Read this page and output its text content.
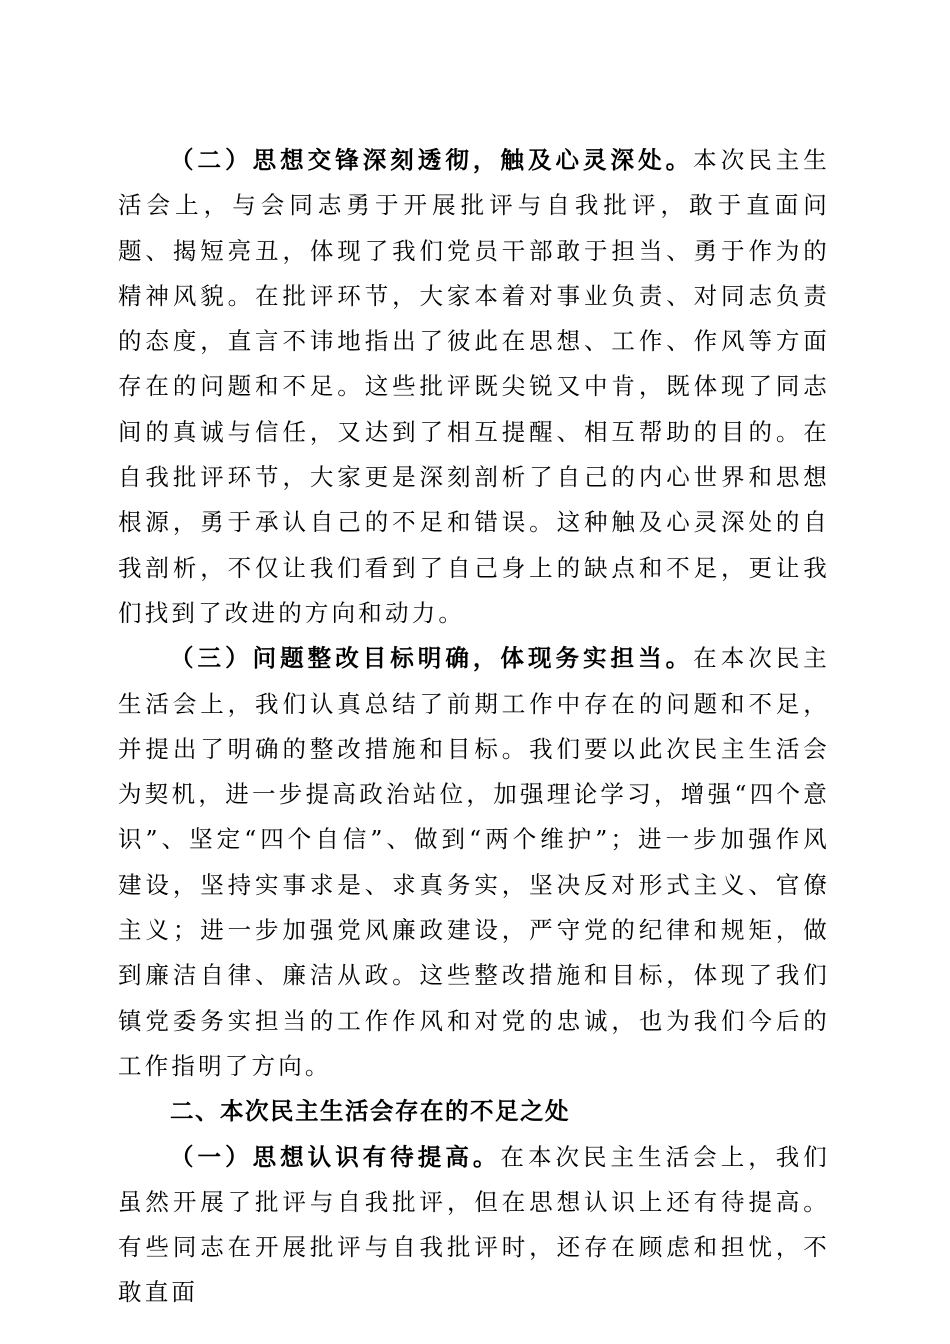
（二）思想交锋深刻透彻，触及心灵深处。本次民主生活会上，与会同志勇于开展批评与自我批评，敢于直面问题、揭短亮丑，体现了我们党员干部敢于担当、勇于作为的精神风貌。在批评环节，大家本着对事业负责、对同志负责的态度，直言不讳地指出了彼此在思想、工作、作风等方面存在的问题和不足。这些批评既尖锐又中肯，既体现了同志间的真诚与信任，又达到了相互提醒、相互帮助的目的。在自我批评环节，大家更是深刻剖析了自己的内心世界和思想根源，勇于承认自己的不足和错误。这种触及心灵深处的自我剖析，不仅让我们看到了自己身上的缺点和不足，更让我们找到了改进的方向和动力。

（三）问题整改目标明确，体现务实担当。在本次民主生活会上，我们认真总结了前期工作中存在的问题和不足，并提出了明确的整改措施和目标。我们要以此次民主生活会为契机，进一步提高政治站位，加强理论学习，增强“四个意识”、坚定“四个自信”、做到“两个维护”；进一步加强作风建设，坚持实事求是、求真务实，坚决反对形式主义、官僚主义；进一步加强党风廉政建设，严守党的纪律和规矩，做到廉洁自律、廉洁从政。这些整改措施和目标，体现了我们镇党委务实担当的工作作风和对党的忠诚，也为我们今后的工作指明了方向。

二、本次民主生活会存在的不足之处

（一）思想认识有待提高。在本次民主生活会上，我们虽然开展了批评与自我批评，但在思想认识上还有待提高。有些同志在开展批评与自我批评时，还存在顾虑和担忧，不敢直面
